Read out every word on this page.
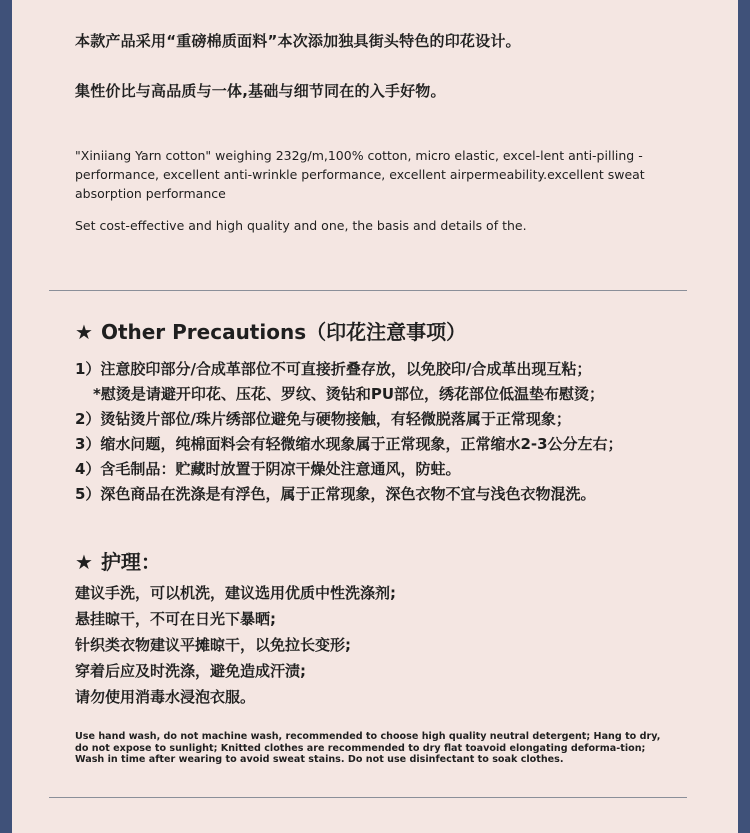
本款产品采用“重磅棉质面料”本次添加独具街头特色的印花设计。

集性价比与高品质与一体,基础与细节同在的入手好物。

"Xiniiang Yarn cotton" weighing 232g/m,100% cotton, micro elastic, excel-lent anti-pilling -performance, excellent anti-wrinkle performance, excellent airpermeability.excellent sweat absorption performance

Set cost-effective and high quality and one, the basis and details of the.

★ Other Precautions（印花注意事项）

1）注意胶印部分/合成革部位不可直接折叠存放，以免胶印/合成革出现互粘；

*慰烫是请避开印花、压花、罗纹、烫钻和PU部位，绣花部位低温垫布慰烫；

2）烫钻烫片部位/珠片绣部位避免与硬物接触，有轻微脱落属于正常现象；

3）缩水问题，纯棉面料会有轻微缩水现象属于正常现象，正常缩水2-3公分左右；

4）含毛制品：贮藏时放置于阴凉干燥处注意通风，防蛀。

5）深色商品在洗涤是有浮色，属于正常现象，深色衣物不宜与浅色衣物混洗。

★ 护理：

建议手洗，可以机洗，建议选用优质中性洗涤剂;

悬挂晾干，不可在日光下暴晒;

针织类衣物建议平摊晾干，以免拉长变形;

穿着后应及时洗涤，避免造成汗渍;

请勿使用消毒水浸泡衣服。

Use hand wash, do not machine wash, recommended to choose high quality neutral detergent; Hang to dry, do not expose to sunlight; Knitted clothes are recommended to dry flat toavoid elongating deforma-tion; Wash in time after wearing to avoid sweat stains. Do not use disinfectant to soak clothes.
